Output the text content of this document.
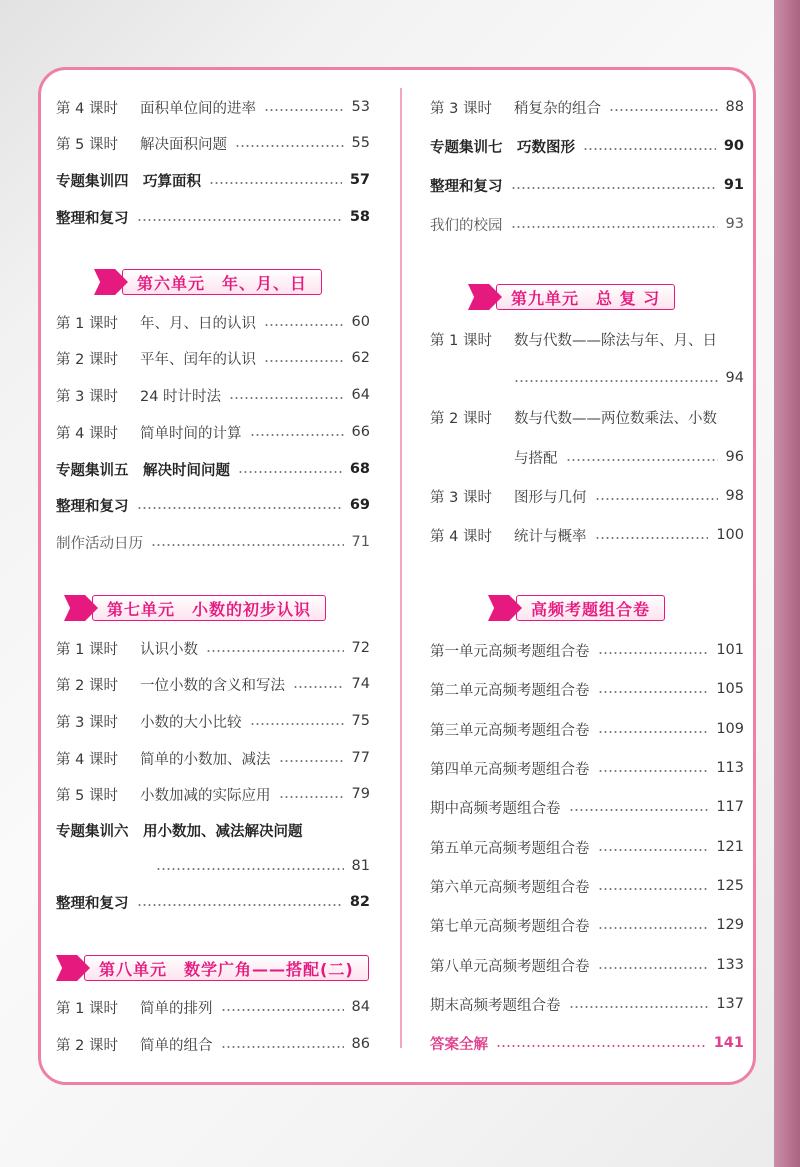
第 4 课时	面积单位间的进率	53
第 5 课时	解决面积问题	55
专题集训四　巧算面积	57
整理和复习	58
第六单元　年、月、日
第 1 课时	年、月、日的认识	60
第 2 课时	平年、闰年的认识	62
第 3 课时	24 时计时法	64
第 4 课时	简单时间的计算	66
专题集训五　解决时间问题	68
整理和复习	69
制作活动日历	71
第七单元　小数的初步认识
第 1 课时	认识小数	72
第 2 课时	一位小数的含义和写法	74
第 3 课时	小数的大小比较	75
第 4 课时	简单的小数加、减法	77
第 5 课时	小数加减的实际应用	79
专题集训六　用小数加、减法解决问题
81
整理和复习	82
第八单元　数学广角——搭配(二)
第 1 课时	简单的排列	84
第 2 课时	简单的组合	86
第 3 课时	稍复杂的组合	88
专题集训七　巧数图形	90
整理和复习	91
我们的校园	93
第九单元　总 复 习
第 1 课时	数与代数——除法与年、月、日
94
第 2 课时	数与代数——两位数乘法、小数
与搭配	96
第 3 课时	图形与几何	98
第 4 课时	统计与概率	100
高频考题组合卷
第一单元高频考题组合卷	101
第二单元高频考题组合卷	105
第三单元高频考题组合卷	109
第四单元高频考题组合卷	113
期中高频考题组合卷	117
第五单元高频考题组合卷	121
第六单元高频考题组合卷	125
第七单元高频考题组合卷	129
第八单元高频考题组合卷	133
期末高频考题组合卷	137
答案全解	141
